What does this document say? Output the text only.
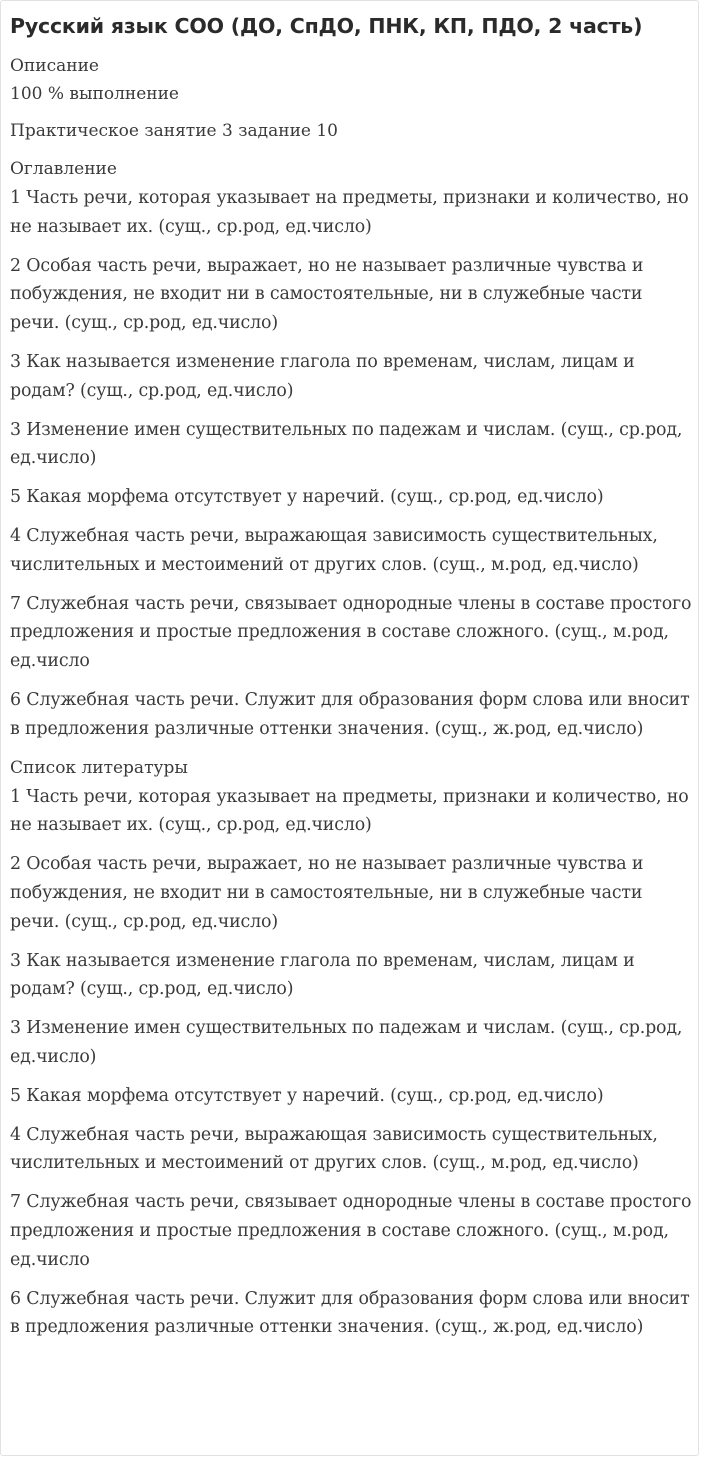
Русский язык СОО (ДО, СпДО, ПНК, КП, ПДО, 2 часть)

Описание

100 % выполнение

Практическое занятие 3 задание 10

Оглавление

1 Часть речи, которая указывает на предметы, признаки и количество, но не называет их. (сущ., ср.род, ед.число)

2 Особая часть речи, выражает, но не называет различные чувства и побуждения, не входит ни в самостоятельные, ни в служебные части речи. (сущ., ср.род, ед.число)

3 Как называется изменение глагола по временам, числам, лицам и родам? (сущ., ср.род, ед.число)

3 Изменение имен существительных по падежам и числам. (сущ., ср.род, ед.число)

5 Какая морфема отсутствует у наречий. (сущ., ср.род, ед.число)

4 Служебная часть речи, выражающая зависимость существительных, числительных и местоимений от других слов. (сущ., м.род, ед.число)

7 Служебная часть речи, связывает однородные члены в составе простого предложения и простые предложения в составе сложного. (сущ., м.род, ед.число

6 Служебная часть речи. Служит для образования форм слова или вносит в предложения различные оттенки значения. (сущ., ж.род, ед.число)

Список литературы

1 Часть речи, которая указывает на предметы, признаки и количество, но не называет их. (сущ., ср.род, ед.число)

2 Особая часть речи, выражает, но не называет различные чувства и побуждения, не входит ни в самостоятельные, ни в служебные части речи. (сущ., ср.род, ед.число)

3 Как называется изменение глагола по временам, числам, лицам и родам? (сущ., ср.род, ед.число)

3 Изменение имен существительных по падежам и числам. (сущ., ср.род, ед.число)

5 Какая морфема отсутствует у наречий. (сущ., ср.род, ед.число)

4 Служебная часть речи, выражающая зависимость существительных, числительных и местоимений от других слов. (сущ., м.род, ед.число)

7 Служебная часть речи, связывает однородные члены в составе простого предложения и простые предложения в составе сложного. (сущ., м.род, ед.число

6 Служебная часть речи. Служит для образования форм слова или вносит в предложения различные оттенки значения. (сущ., ж.род, ед.число)
